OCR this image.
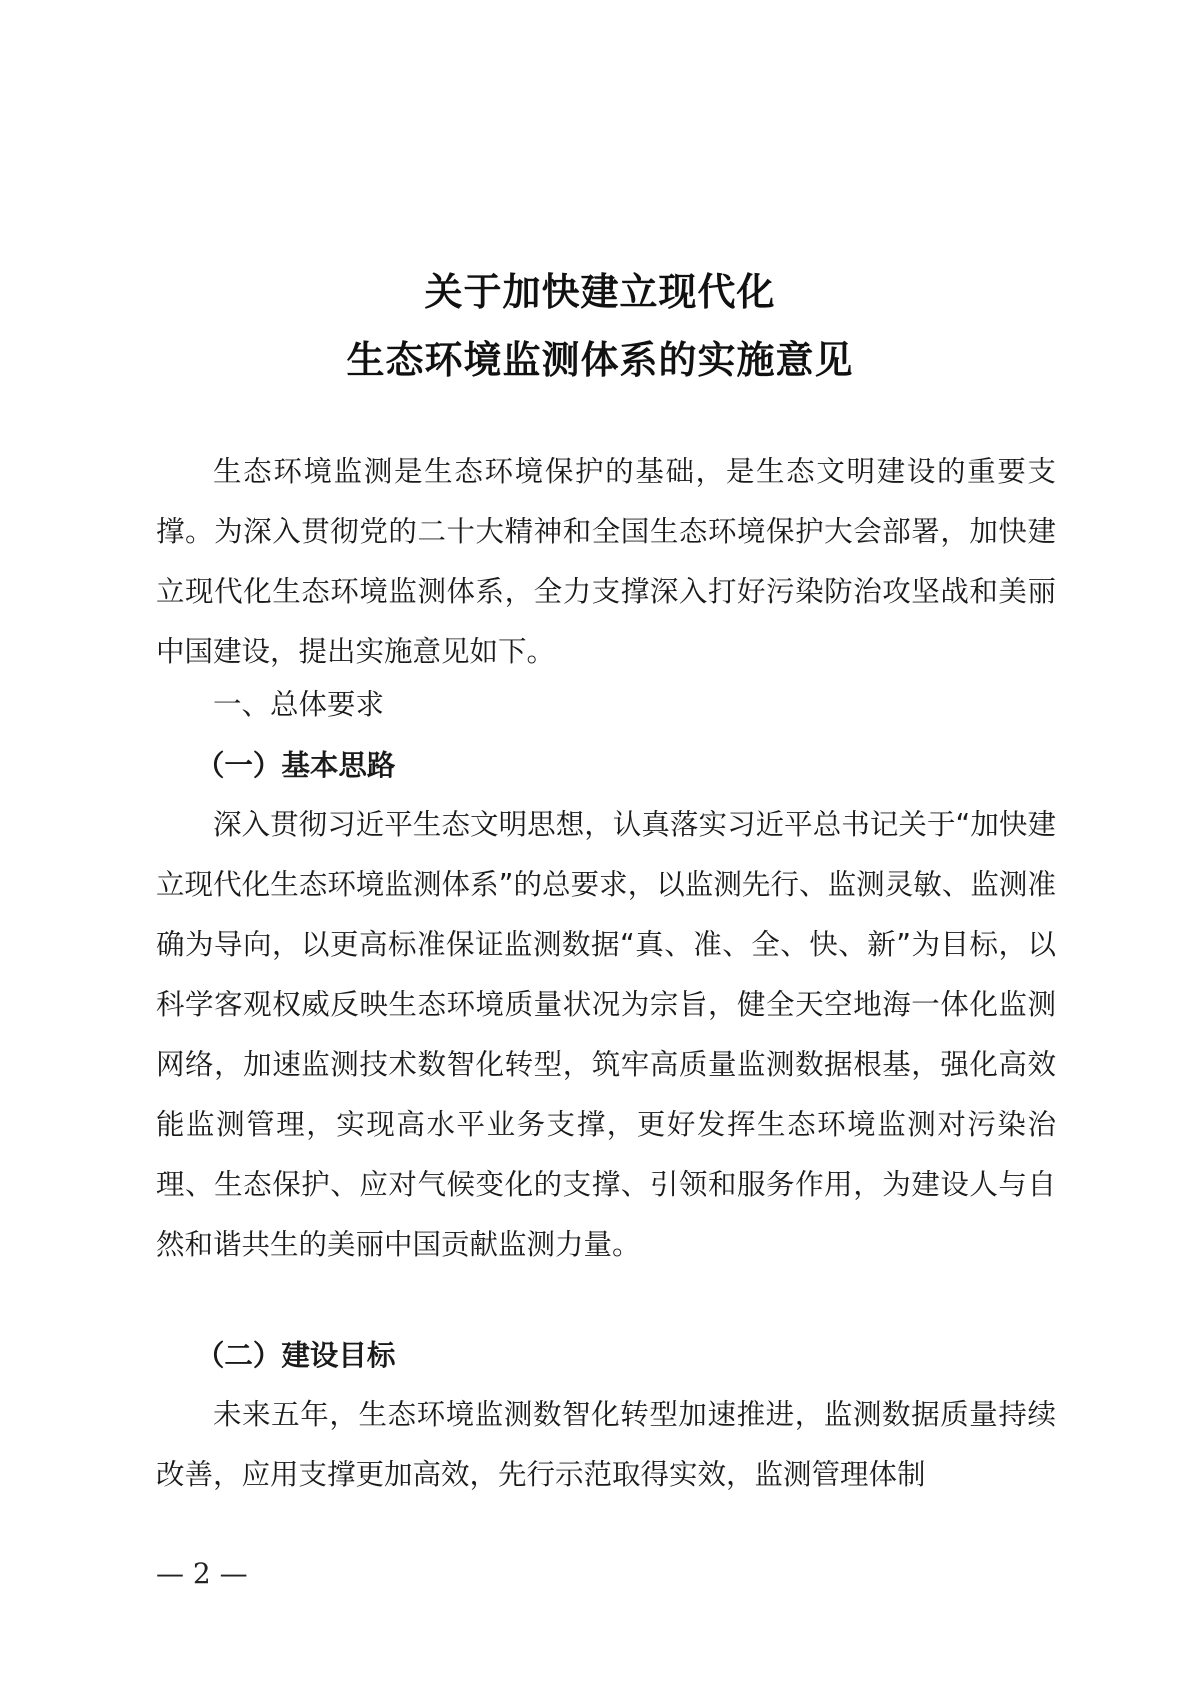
关于加快建立现代化
生态环境监测体系的实施意见

生态环境监测是生态环境保护的基础，是生态文明建设的重要支撑。为深入贯彻党的二十大精神和全国生态环境保护大会部署，加快建立现代化生态环境监测体系，全力支撑深入打好污染防治攻坚战和美丽中国建设，提出实施意见如下。

一、总体要求
（一）基本思路

深入贯彻习近平生态文明思想，认真落实习近平总书记关于“加快建立现代化生态环境监测体系”的总要求，以监测先行、监测灵敏、监测准确为导向，以更高标准保证监测数据“真、准、全、快、新”为目标，以科学客观权威反映生态环境质量状况为宗旨，健全天空地海一体化监测网络，加速监测技术数智化转型，筑牢高质量监测数据根基，强化高效能监测管理，实现高水平业务支撑，更好发挥生态环境监测对污染治理、生态保护、应对气候变化的支撑、引领和服务作用，为建设人与自然和谐共生的美丽中国贡献监测力量。

（二）建设目标

未来五年，生态环境监测数智化转型加速推进，监测数据质量持续改善，应用支撑更加高效，先行示范取得实效，监测管理体制

— 2 —
